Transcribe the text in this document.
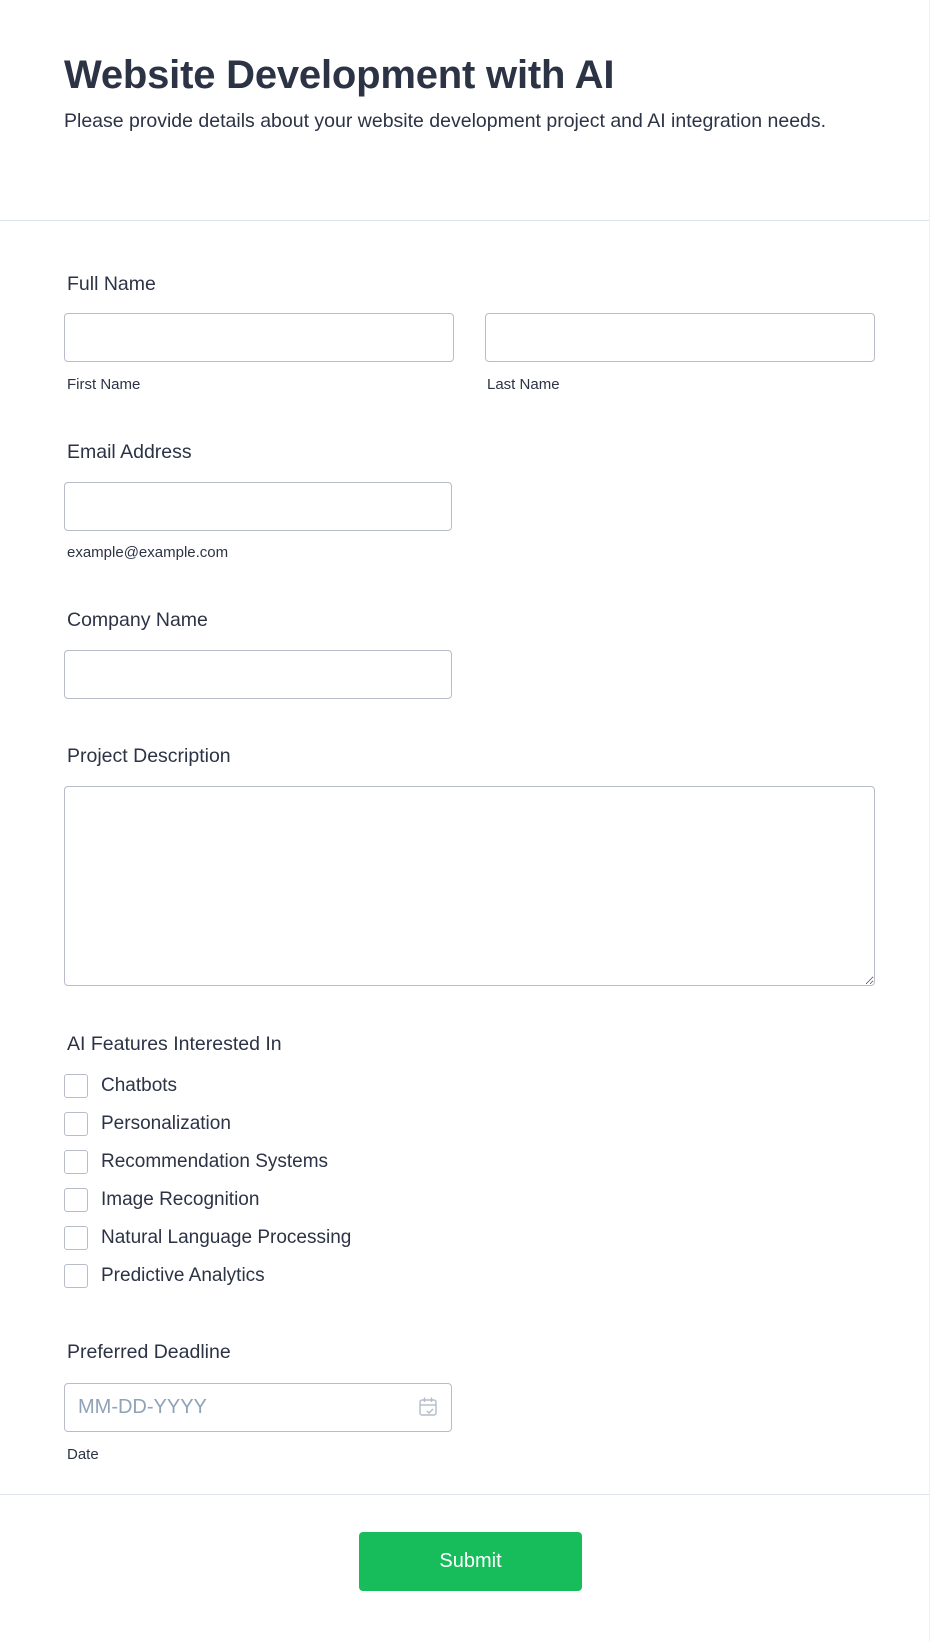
Website Development with AI

Please provide details about your website development project and AI integration needs.

Full Name
First Name	Last Name
Email Address
example@example.com
Company Name
Project Description
AI Features Interested In
Chatbots
Personalization
Recommendation Systems
Image Recognition
Natural Language Processing
Predictive Analytics
Preferred Deadline
MM-DD-YYYY
Date
Submit
